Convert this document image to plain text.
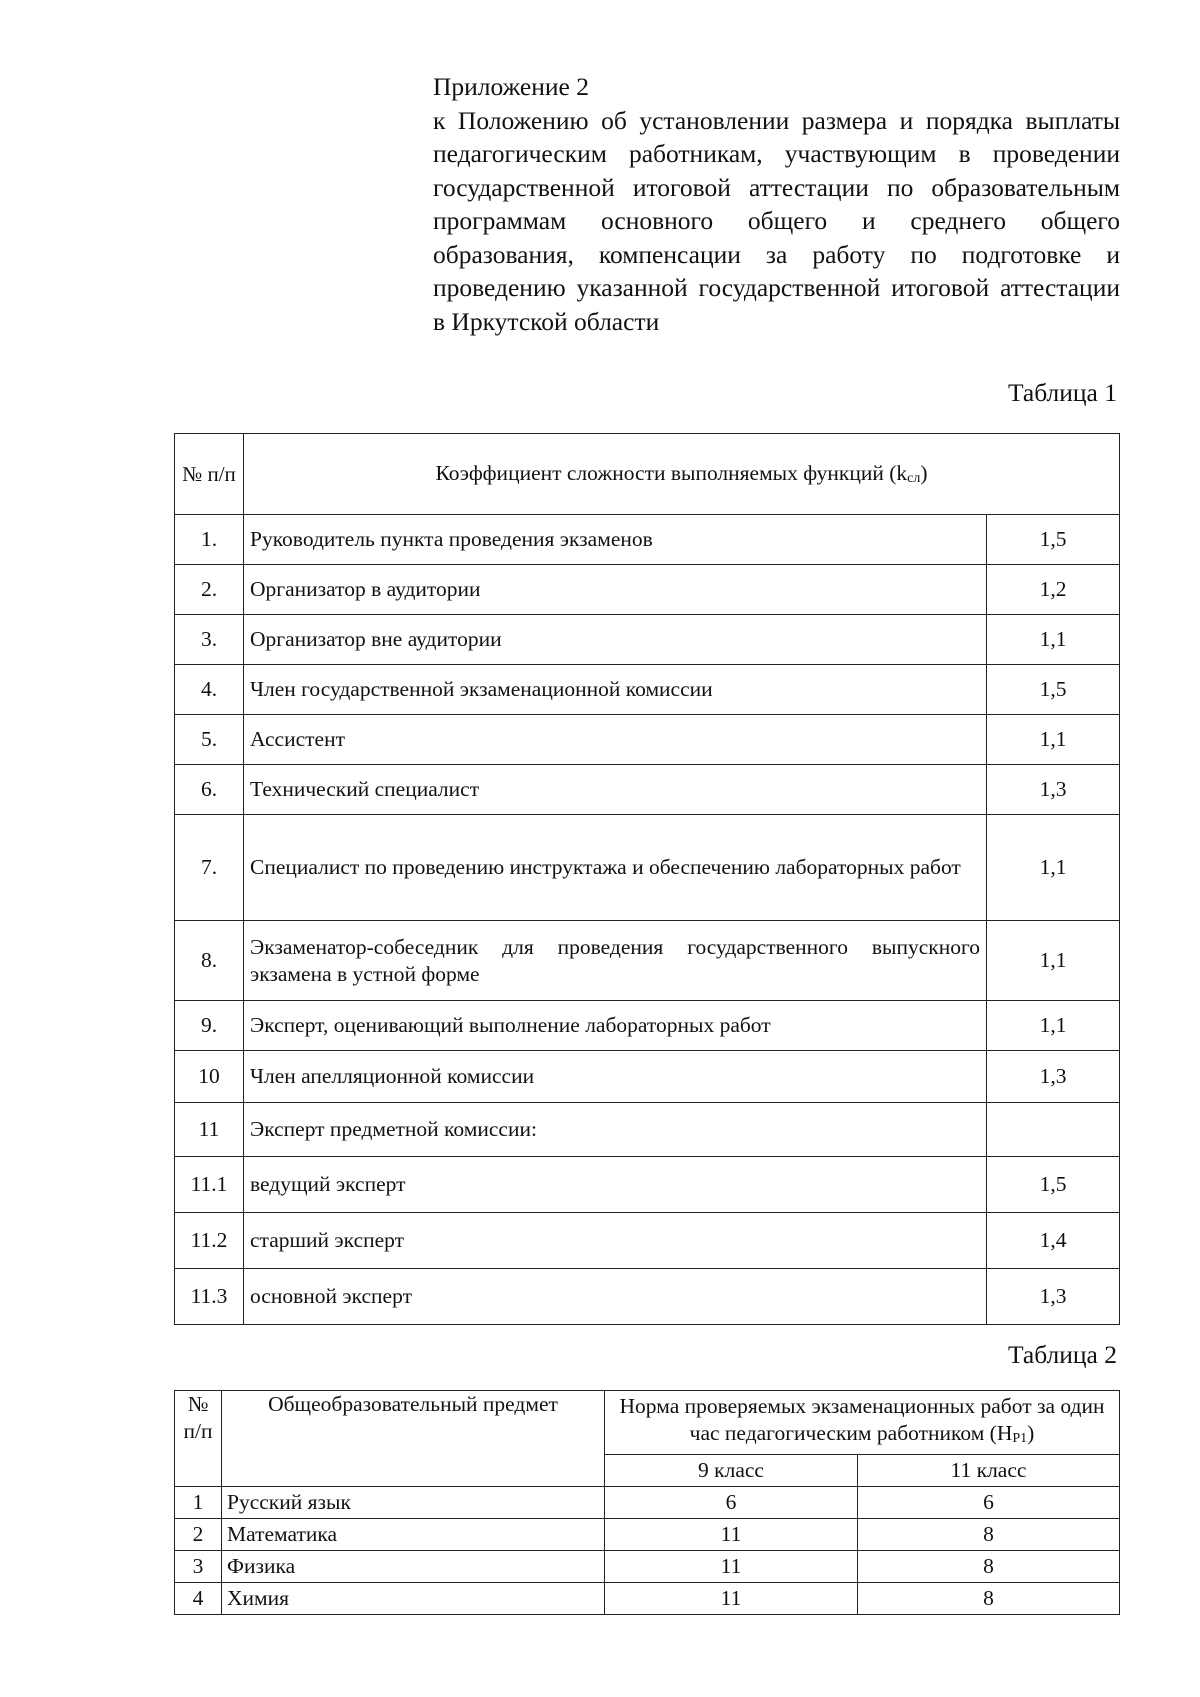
Приложение 2
к Положению об установлении размера и порядка выплаты педагогическим работникам, участвующим в проведении государственной итоговой аттестации по образовательным программам основного общего и среднего общего образования, компенсации за работу по подготовке и проведению указанной государственной итоговой аттестации в Иркутской области
Таблица 1
№ п/п	Коэффициент сложности выполняемых функций $(k_{сл})$	
1.	Руководитель пункта проведения экзаменов	1,5
2.	Организатор в аудитории	1,2
3.	Организатор вне аудитории	1,1
4.	Член государственной экзаменационной комиссии	1,5
5.	Ассистент	1,1
6.	Технический специалист	1,3
7.	Специалист по проведению инструктажа и обеспечению лабораторных работ	1,1
8.	Экзаменатор-собеседник для проведения государственного выпускного экзамена в устной форме	1,1
9.	Эксперт, оценивающий выполнение лабораторных работ	1,1
10	Член апелляционной комиссии	1,3
11	Эксперт предметной комиссии:	
11.1	ведущий эксперт	1,5
11.2	старший эксперт	1,4
11.3	основной эксперт	1,3
Таблица 2
№ п/п	Общеобразовательный предмет	Норма проверяемых экзаменационных работ за один час педагогическим работником $(Н_{Р1})$	
		9 класс	11 класс
1	Русский язык	6	6
2	Математика	11	8
3	Физика	11	8
4	Химия	11	8
